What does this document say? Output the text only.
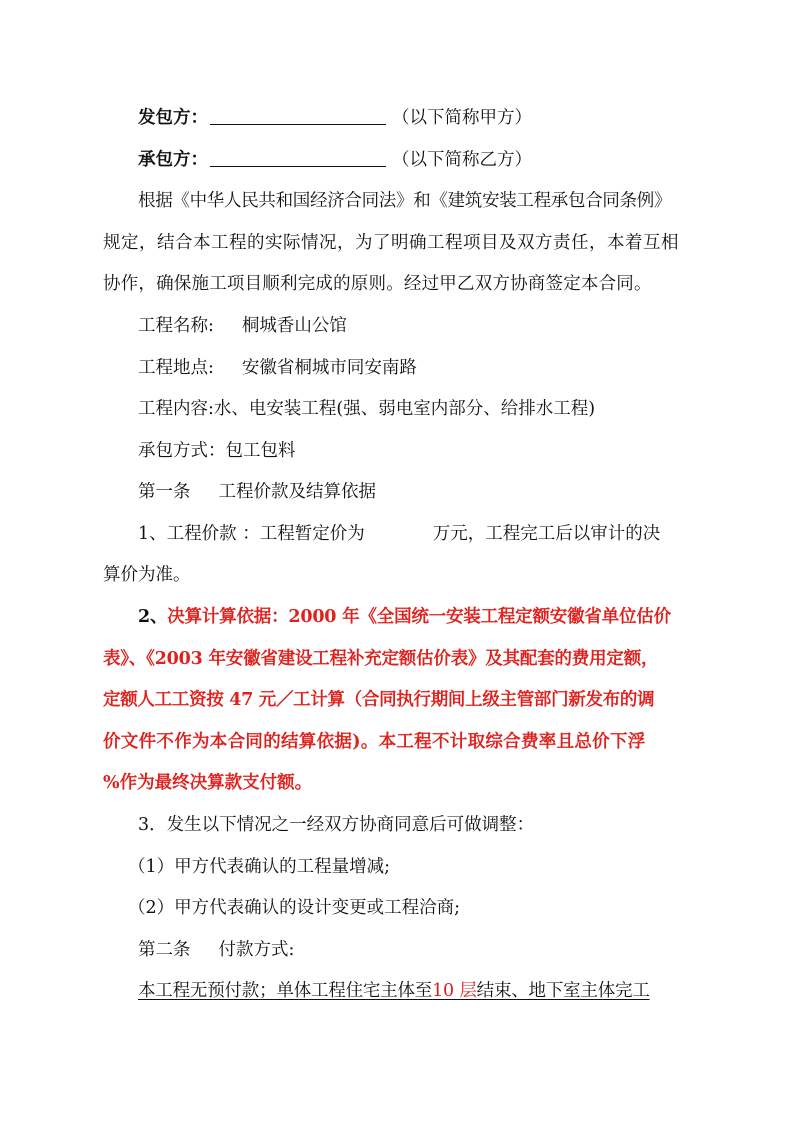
发包方：	（以下简称甲方）
承包方：	（以下简称乙方）
根据《中华人民共和国经济合同法》和《建筑安装工程承包合同条例》
规定，结合本工程的实际情况，为了明确工程项目及双方责任，本着互相
协作，确保施工项目顺利完成的原则。经过甲乙双方协商签定本合同。
工程名称: 桐城香山公馆
工程地点: 安徽省桐城市同安南路
工程内容:水、电安装工程(强、弱电室内部分、给排水工程)
承包方式：包工包料
第一条 工程价款及结算依据
1、工程价款 ：工程暂定价为	万元，工程完工后以审计的决
算价为准。
2、决算计算依据：2000 年《全国统一安装工程定额安徽省单位估价
表》、《2003 年安徽省建设工程补充定额估价表》及其配套的费用定额，
定额人工工资按 47 元／工计算（合同执行期间上级主管部门新发布的调
价文件不作为本合同的结算依据)。本工程不计取综合费率且总价下浮
%作为最终决算款支付额。
3．发生以下情况之一经双方协商同意后可做调整：
（1）甲方代表确认的工程量增减;
（2）甲方代表确认的设计变更或工程洽商;
第二条 付款方式:
本工程无预付款；单体工程住宅主体至10 层结束、地下室主体完工
